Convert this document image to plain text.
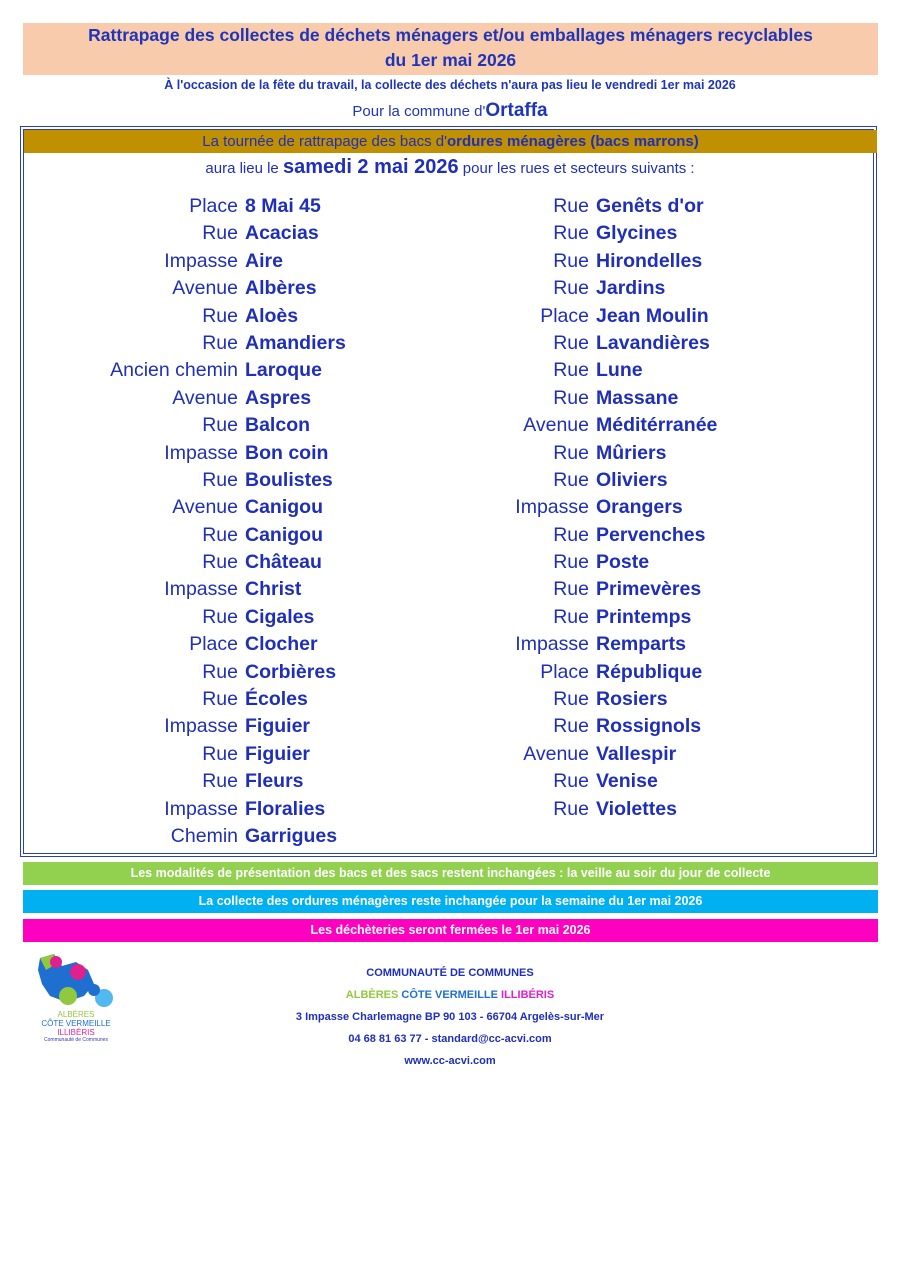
Rattrapage des collectes de déchets ménagers et/ou emballages ménagers recyclables
du 1er mai 2026
À l'occasion de la fête du travail, la collecte des déchets n'aura pas lieu le vendredi 1er mai 2026
Pour la commune d'Ortaffa
La tournée de rattrapage des bacs d'ordures ménagères (bacs marrons)
aura lieu le samedi 2 mai 2026 pour les rues et secteurs suivants :
Place 8 Mai 45
Rue Acacias
Impasse Aire
Avenue Albères
Rue Aloès
Rue Amandiers
Ancien chemin Laroque
Avenue Aspres
Rue Balcon
Impasse Bon coin
Rue Boulistes
Avenue Canigou
Rue Canigou
Rue Château
Impasse Christ
Rue Cigales
Place Clocher
Rue Corbières
Rue Écoles
Impasse Figuier
Rue Figuier
Rue Fleurs
Impasse Floralies
Chemin Garrigues
Rue Genêts d'or
Rue Glycines
Rue Hirondelles
Rue Jardins
Place Jean Moulin
Rue Lavandières
Rue Lune
Rue Massane
Avenue Méditérranée
Rue Mûriers
Rue Oliviers
Impasse Orangers
Rue Pervenches
Rue Poste
Rue Primevères
Rue Printemps
Impasse Remparts
Place République
Rue Rosiers
Rue Rossignols
Avenue Vallespir
Rue Venise
Rue Violettes
Les modalités de présentation des bacs et des sacs restent inchangées : la veille au soir du jour de collecte
La collecte des ordures ménagères reste inchangée pour la semaine du 1er mai 2026
Les déchèteries seront fermées le 1er mai 2026
ALBÈRES
CÔTE VERMEILLE
ILLIBÉRIS
Communauté de Communes
COMMUNAUTÉ DE COMMUNES
ALBÈRES CÔTE VERMEILLE ILLIBÉRIS
3 Impasse Charlemagne BP 90 103 - 66704 Argelès-sur-Mer
04 68 81 63 77 - standard@cc-acvi.com
www.cc-acvi.com
